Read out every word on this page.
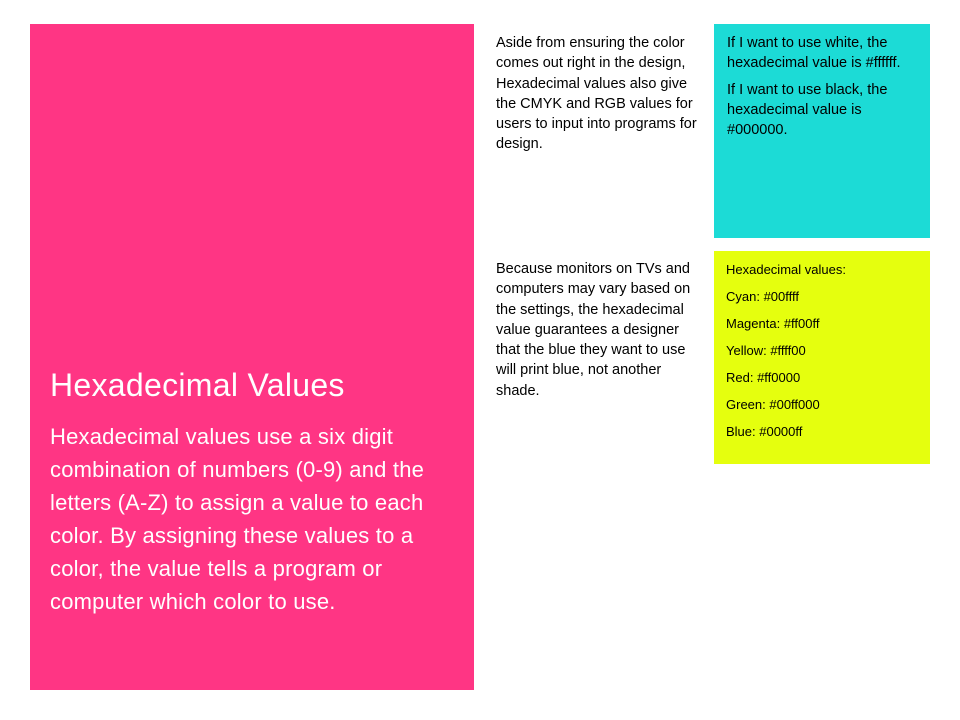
Hexadecimal Values
Hexadecimal values use a six digit combination of numbers (0-9) and the letters (A-Z) to assign a value to each color. By assigning these values to a color, the value tells a program or computer which color to use.
Aside from ensuring the color comes out right in the design, Hexadecimal values also give the CMYK and RGB values for users to input into programs for design.
Because monitors on TVs and computers may vary based on the settings, the hexadecimal value guarantees a designer that the blue they want to use will print blue, not another shade.

If I want to use white, the hexadecimal value is #ffffff.

If I want to use black, the hexadecimal value is #000000.

Hexadecimal values:
Cyan: #00ffff
Magenta: #ff00ff
Yellow: #ffff00
Red: #ff0000
Green: #00ff000
Blue: #0000ff
